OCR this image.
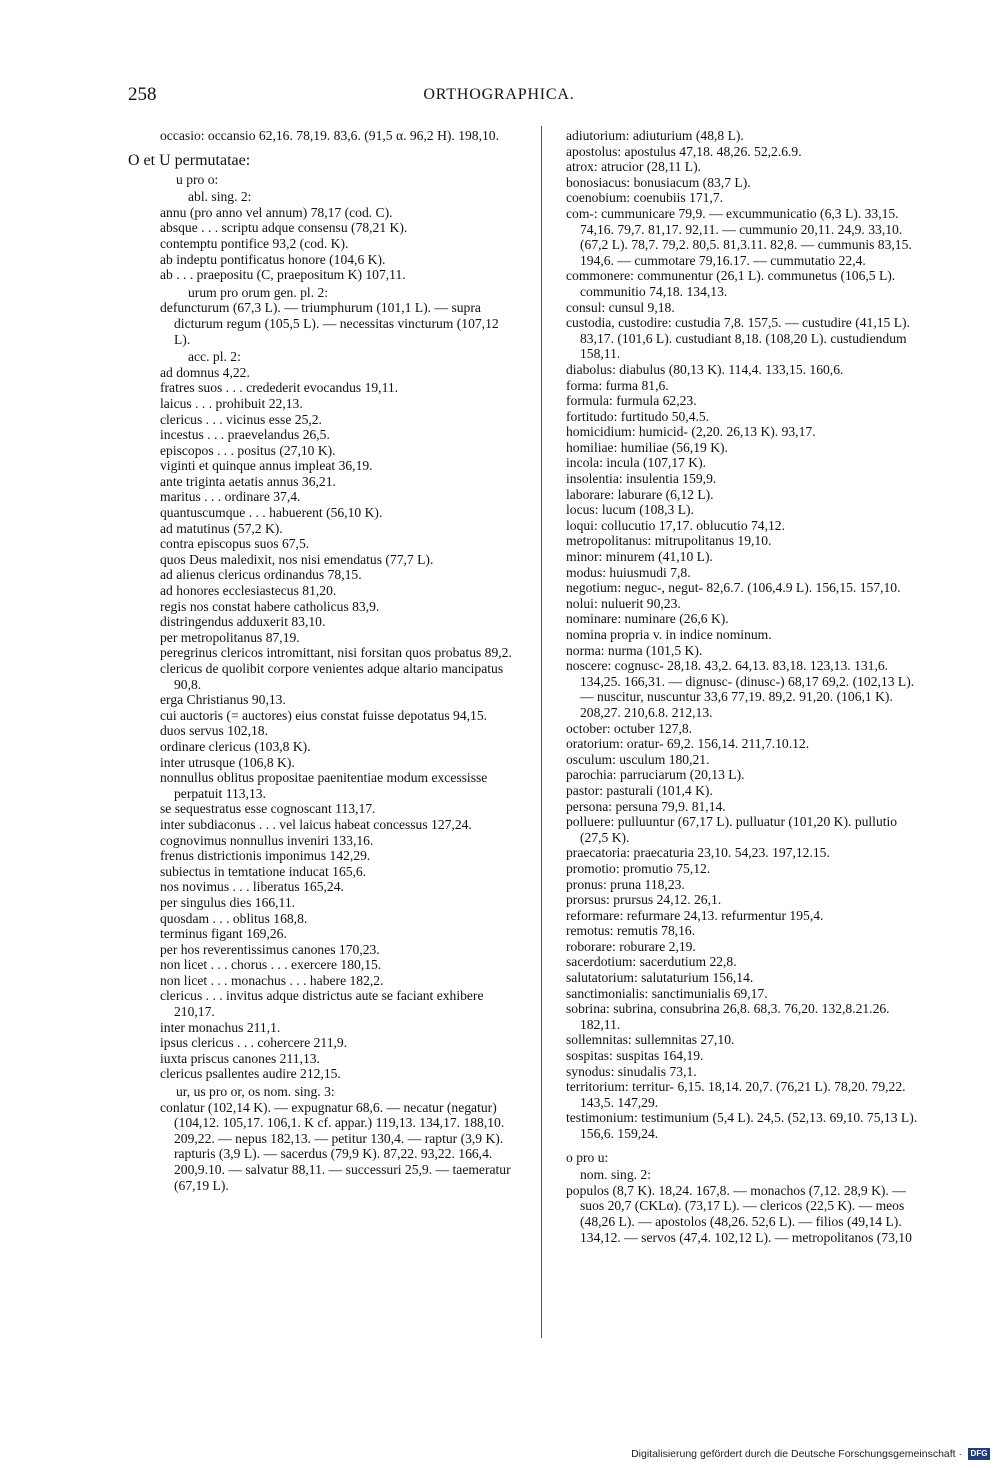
258	ORTHOGRAPHICA.
occasio: occansio 62,16. 78,19. 83,6. (91,5 α. 96,2 H). 198,10.
O et U permutatae:
u pro o:
abl. sing. 2:
annu (pro anno vel annum) 78,17 (cod. C).
absque . . . scriptu adque consensu (78,21 K).
contemptu pontifice 93,2 (cod. K).
ab indeptu pontificatus honore (104,6 K).
ab . . . praepositu (C, praepositum K) 107,11.
urum pro orum gen. pl. 2:
defuncturum (67,3 L). — triumphurum (101,1 L). — supra dicturum regum (105,5 L). — necessitas vincturum (107,12 L).
acc. pl. 2:
ad domnus 4,22.
fratres suos . . . credederit evocandus 19,11.
laicus . . . prohibuit 22,13.
clericus . . . vicinus esse 25,2.
incestus . . . praevelandus 26,5.
episcopos . . . positus (27,10 K).
viginti et quinque annus impleat 36,19.
ante triginta aetatis annus 36,21.
maritus . . . ordinare 37,4.
quantuscumque . . . habuerent (56,10 K).
ad matutinus (57,2 K).
contra episcopus suos 67,5.
quos Deus maledixit, nos nisi emendatus (77,7 L).
ad alienus clericus ordinandus 78,15.
ad honores ecclesiastecus 81,20.
regis nos constat habere catholicus 83,9.
distringendus adduxerit 83,10.
per metropolitanus 87,19.
peregrinus clericos intromittant, nisi forsitan quos probatus 89,2.
clericus de quolibit corpore venientes adque altario mancipatus 90,8.
erga Christianus 90,13.
cui auctoris (= auctores) eius constat fuisse depotatus 94,15.
duos servus 102,18.
ordinare clericus (103,8 K).
inter utrusque (106,8 K).
nonnullus oblitus propositae paenitentiae modum excessisse perpatuit 113,13.
se sequestratus esse cognoscant 113,17.
inter subdiaconus . . . vel laicus habeat concessus 127,24.
cognovimus nonnullus inveniri 133,16.
frenus districtionis imponimus 142,29.
subiectus in temtatione inducat 165,6.
nos novimus . . . liberatus 165,24.
per singulus dies 166,11.
quosdam . . . oblitus 168,8.
terminus figant 169,26.
per hos reverentissimus canones 170,23.
non licet . . . chorus . . . exercere 180,15.
non licet . . . monachus . . . habere 182,2.
clericus . . . invitus adque districtus aute se faciant exhibere 210,17.
inter monachus 211,1.
ipsus clericus . . . cohercere 211,9.
iuxta priscus canones 211,13.
clericus psallentes audire 212,15.
ur, us pro or, os nom. sing. 3:
conlatur (102,14 K). — expugnatur 68,6. — necatur (negatur) (104,12. 105,17. 106,1. K cf. appar.) 119,13. 134,17. 188,10. 209,22. — nepus 182,13. — petitur 130,4. — raptur (3,9 K). rapturis (3,9 L). — sacerdus (79,9 K). 87,22. 93,22. 166,4. 200,9.10. — salvatur 88,11. — successuri 25,9. — taemeratur (67,19 L).
adiutorium: adiuturium (48,8 L).
apostolus: apostulus 47,18. 48,26. 52,2.6.9.
atrox: atrucior (28,11 L).
bonosiacus: bonusiacum (83,7 L).
coenobium: coenubiis 171,7.
com-: cummunicare 79,9. — excummunicatio (6,3 L). 33,15. 74,16. 79,7. 81,17. 92,11. — cummunio 20,11. 24,9. 33,10. (67,2 L). 78,7. 79,2. 80,5. 81,3.11. 82,8. — cummunis 83,15. 194,6. — cummotare 79,16.17. — cummutatio 22,4.
commonere: communentur (26,1 L). communetus (106,5 L). communitio 74,18. 134,13.
consul: cunsul 9,18.
custodia, custodire: custudia 7,8. 157,5. — custudire (41,15 L). 83,17. (101,6 L). custudiant 8,18. (108,20 L). custudiendum 158,11.
diabolus: diabulus (80,13 K). 114,4. 133,15. 160,6.
forma: furma 81,6.
formula: furmula 62,23.
fortitudo: furtitudo 50,4.5.
homicidium: humicid- (2,20. 26,13 K). 93,17.
homiliae: humiliae (56,19 K).
incola: incula (107,17 K).
insolentia: insulentia 159,9.
laborare: laburare (6,12 L).
locus: lucum (108,3 L).
loqui: collucutio 17,17. oblucutio 74,12.
metropolitanus: mitrupolitanus 19,10.
minor: minurem (41,10 L).
modus: huiusmudi 7,8.
negotium: neguc-, negut- 82,6.7. (106,4.9 L). 156,15. 157,10.
nolui: nuluerit 90,23.
nominare: numinare (26,6 K).
nomina propria v. in indice nominum.
norma: nurma (101,5 K).
noscere: cognusc- 28,18. 43,2. 64,13. 83,18. 123,13. 131,6. 134,25. 166,31. — dignusc- (dinusc-) 68,17 69,2. (102,13 L). — nuscitur, nuscuntur 33,6 77,19. 89,2. 91,20. (106,1 K). 208,27. 210,6.8. 212,13.
october: octuber 127,8.
oratorium: oratur- 69,2. 156,14. 211,7.10.12.
osculum: usculum 180,21.
parochia: parruciarum (20,13 L).
pastor: pasturali (101,4 K).
persona: persuna 79,9. 81,14.
polluere: pulluuntur (67,17 L). pulluatur (101,20 K). pullutio (27,5 K).
praecatoria: praecaturia 23,10. 54,23. 197,12.15.
promotio: promutio 75,12.
pronus: pruna 118,23.
prorsus: prursus 24,12. 26,1.
reformare: refurmare 24,13. refurmentur 195,4.
remotus: remutis 78,16.
roborare: roburare 2,19.
sacerdotium: sacerdutium 22,8.
salutatorium: salutaturium 156,14.
sanctimonialis: sanctimunialis 69,17.
sobrina: subrina, consubrina 26,8. 68,3. 76,20. 132,8.21.26. 182,11.
sollemnitas: sullemnitas 27,10.
sospitas: suspitas 164,19.
synodus: sinudalis 73,1.
territorium: territur- 6,15. 18,14. 20,7. (76,21 L). 78,20. 79,22. 143,5. 147,29.
testimonium: testimunium (5,4 L). 24,5. (52,13. 69,10. 75,13 L). 156,6. 159,24.
o pro u:
nom. sing. 2:
populos (8,7 K). 18,24. 167,8. — monachos (7,12. 28,9 K). — suos 20,7 (CKLα). (73,17 L). — clericos (22,5 K). — meos (48,26 L). — apostolos (48,26. 52,6 L). — filios (49,14 L). 134,12. — servos (47,4. 102,12 L). — metropolitanos (73,10
Digitalisierung gefördert durch die Deutsche Forschungsgemeinschaft ·	DFG
